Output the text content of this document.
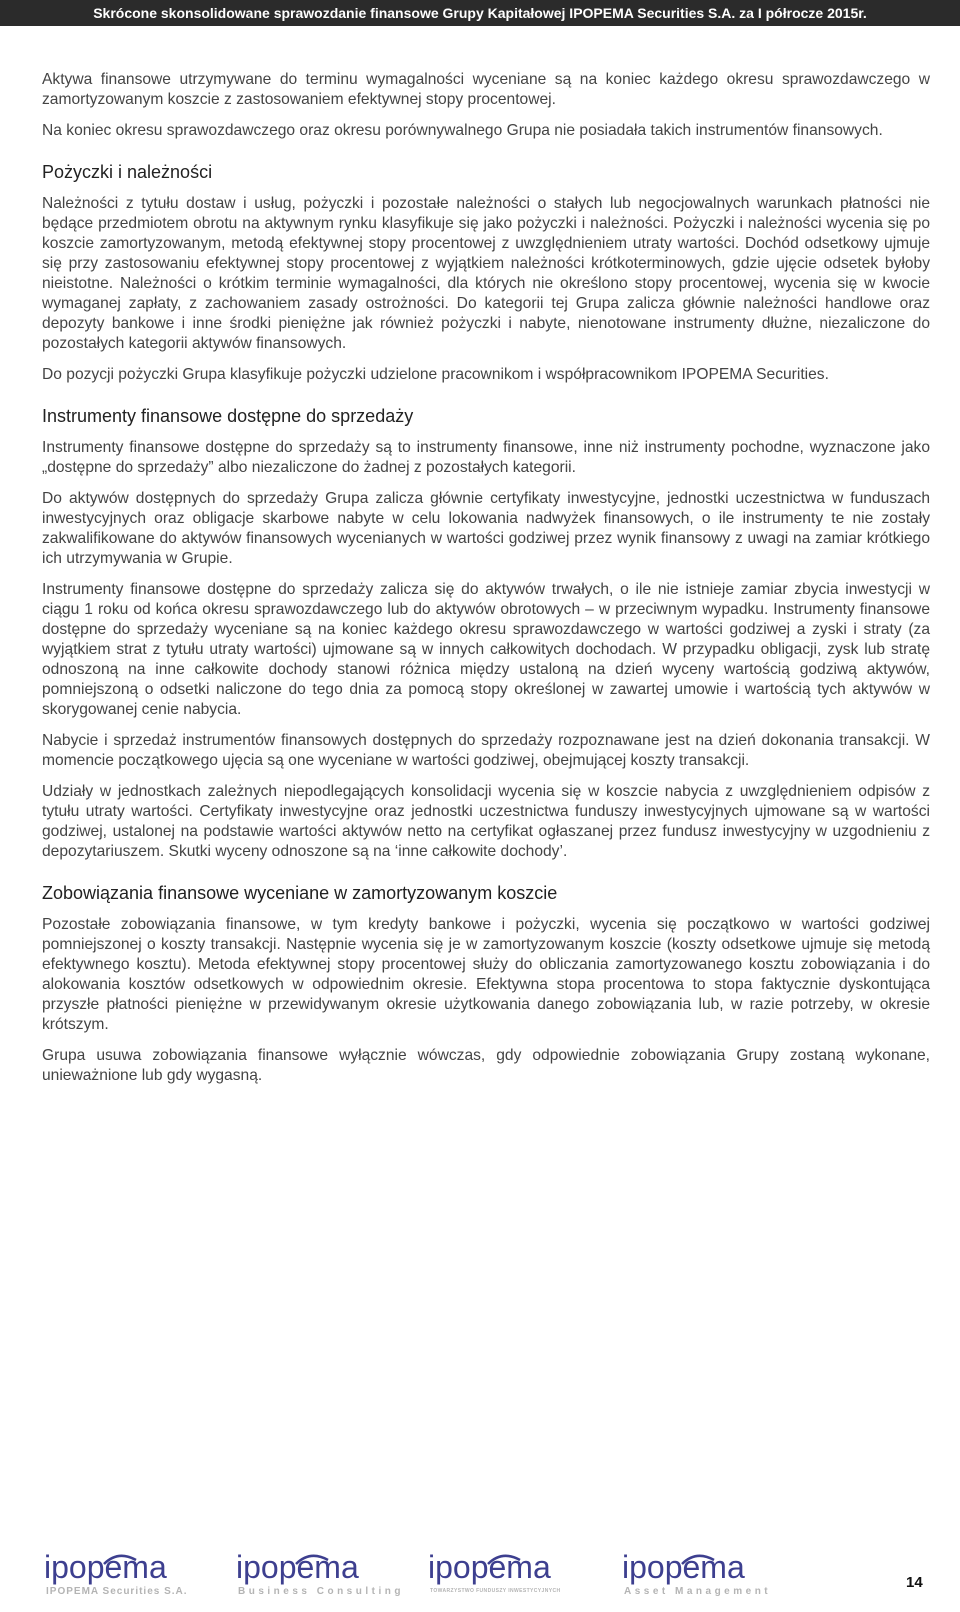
Skrócone skonsolidowane sprawozdanie finansowe Grupy Kapitałowej IPOPEMA Securities S.A. za I półrocze 2015r.

Aktywa finansowe utrzymywane do terminu wymagalności wyceniane są na koniec każdego okresu sprawozdawczego w zamortyzowanym koszcie z zastosowaniem efektywnej stopy procentowej.

Na koniec okresu sprawozdawczego oraz okresu porównywalnego Grupa nie posiadała takich instrumentów finansowych.

Pożyczki i należności

Należności z tytułu dostaw i usług, pożyczki i pozostałe należności o stałych lub negocjowalnych warunkach płatności nie będące przedmiotem obrotu na aktywnym rynku klasyfikuje się jako pożyczki i należności. Pożyczki i należności wycenia się po koszcie zamortyzowanym, metodą efektywnej stopy procentowej z uwzględnieniem utraty wartości. Dochód odsetkowy ujmuje się przy zastosowaniu efektywnej stopy procentowej z wyjątkiem należności krótkoterminowych, gdzie ujęcie odsetek byłoby nieistotne. Należności o krótkim terminie wymagalności, dla których nie określono stopy procentowej, wycenia się w kwocie wymaganej zapłaty, z zachowaniem zasady ostrożności. Do kategorii tej Grupa zalicza głównie należności handlowe oraz depozyty bankowe i inne środki pieniężne jak również pożyczki i nabyte, nienotowane instrumenty dłużne, niezaliczone do pozostałych kategorii aktywów finansowych.

Do pozycji pożyczki Grupa klasyfikuje pożyczki udzielone pracownikom i współpracownikom IPOPEMA Securities.

Instrumenty finansowe dostępne do sprzedaży

Instrumenty finansowe dostępne do sprzedaży są to instrumenty finansowe, inne niż instrumenty pochodne, wyznaczone jako „dostępne do sprzedaży” albo niezaliczone do żadnej z pozostałych kategorii.

Do aktywów dostępnych do sprzedaży Grupa zalicza głównie certyfikaty inwestycyjne, jednostki uczestnictwa w funduszach inwestycyjnych oraz obligacje skarbowe nabyte w celu lokowania nadwyżek finansowych, o ile instrumenty te nie zostały zakwalifikowane do aktywów finansowych wycenianych w wartości godziwej przez wynik finansowy z uwagi na zamiar krótkiego ich utrzymywania w Grupie.

Instrumenty finansowe dostępne do sprzedaży zalicza się do aktywów trwałych, o ile nie istnieje zamiar zbycia inwestycji w ciągu 1 roku od końca okresu sprawozdawczego lub do aktywów obrotowych – w przeciwnym wypadku. Instrumenty finansowe dostępne do sprzedaży wyceniane są na koniec każdego okresu sprawozdawczego w wartości godziwej a zyski i straty (za wyjątkiem strat z tytułu utraty wartości) ujmowane są w innych całkowitych dochodach. W przypadku obligacji, zysk lub stratę odnoszoną na inne całkowite dochody stanowi różnica między ustaloną na dzień wyceny wartością godziwą aktywów, pomniejszoną o odsetki naliczone do tego dnia za pomocą stopy określonej w zawartej umowie i wartością tych aktywów w skorygowanej cenie nabycia.

Nabycie i sprzedaż instrumentów finansowych dostępnych do sprzedaży rozpoznawane jest na dzień dokonania transakcji. W momencie początkowego ujęcia są one wyceniane w wartości godziwej, obejmującej koszty transakcji.

Udziały w jednostkach zależnych niepodlegających konsolidacji wycenia się w koszcie nabycia z uwzględnieniem odpisów z tytułu utraty wartości. Certyfikaty inwestycyjne oraz jednostki uczestnictwa funduszy inwestycyjnych ujmowane są w wartości godziwej, ustalonej na podstawie wartości aktywów netto na certyfikat ogłaszanej przez fundusz inwestycyjny w uzgodnieniu z depozytariuszem. Skutki wyceny odnoszone są na ‘inne całkowite dochody’.

Zobowiązania finansowe wyceniane w zamortyzowanym koszcie

Pozostałe zobowiązania finansowe, w tym kredyty bankowe i pożyczki, wycenia się początkowo w wartości godziwej pomniejszonej o koszty transakcji. Następnie wycenia się je w zamortyzowanym koszcie (koszty odsetkowe ujmuje się metodą efektywnego kosztu). Metoda efektywnej stopy procentowej służy do obliczania zamortyzowanego kosztu zobowiązania i do alokowania kosztów odsetkowych w odpowiednim okresie. Efektywna stopa procentowa to stopa faktycznie dyskontująca przyszłe płatności pieniężne w przewidywanym okresie użytkowania danego zobowiązania lub, w razie potrzeby, w okresie krótszym.

Grupa usuwa zobowiązania finansowe wyłącznie wówczas, gdy odpowiednie zobowiązania Grupy zostaną wykonane, unieważnione lub gdy wygasną.

ipopema
IPOPEMA Securities S.A.
ipopema
Business Consulting
ipopema
TOWARZYSTWO FUNDUSZY INWESTYCYJNYCH
ipopema
Asset Management
14
